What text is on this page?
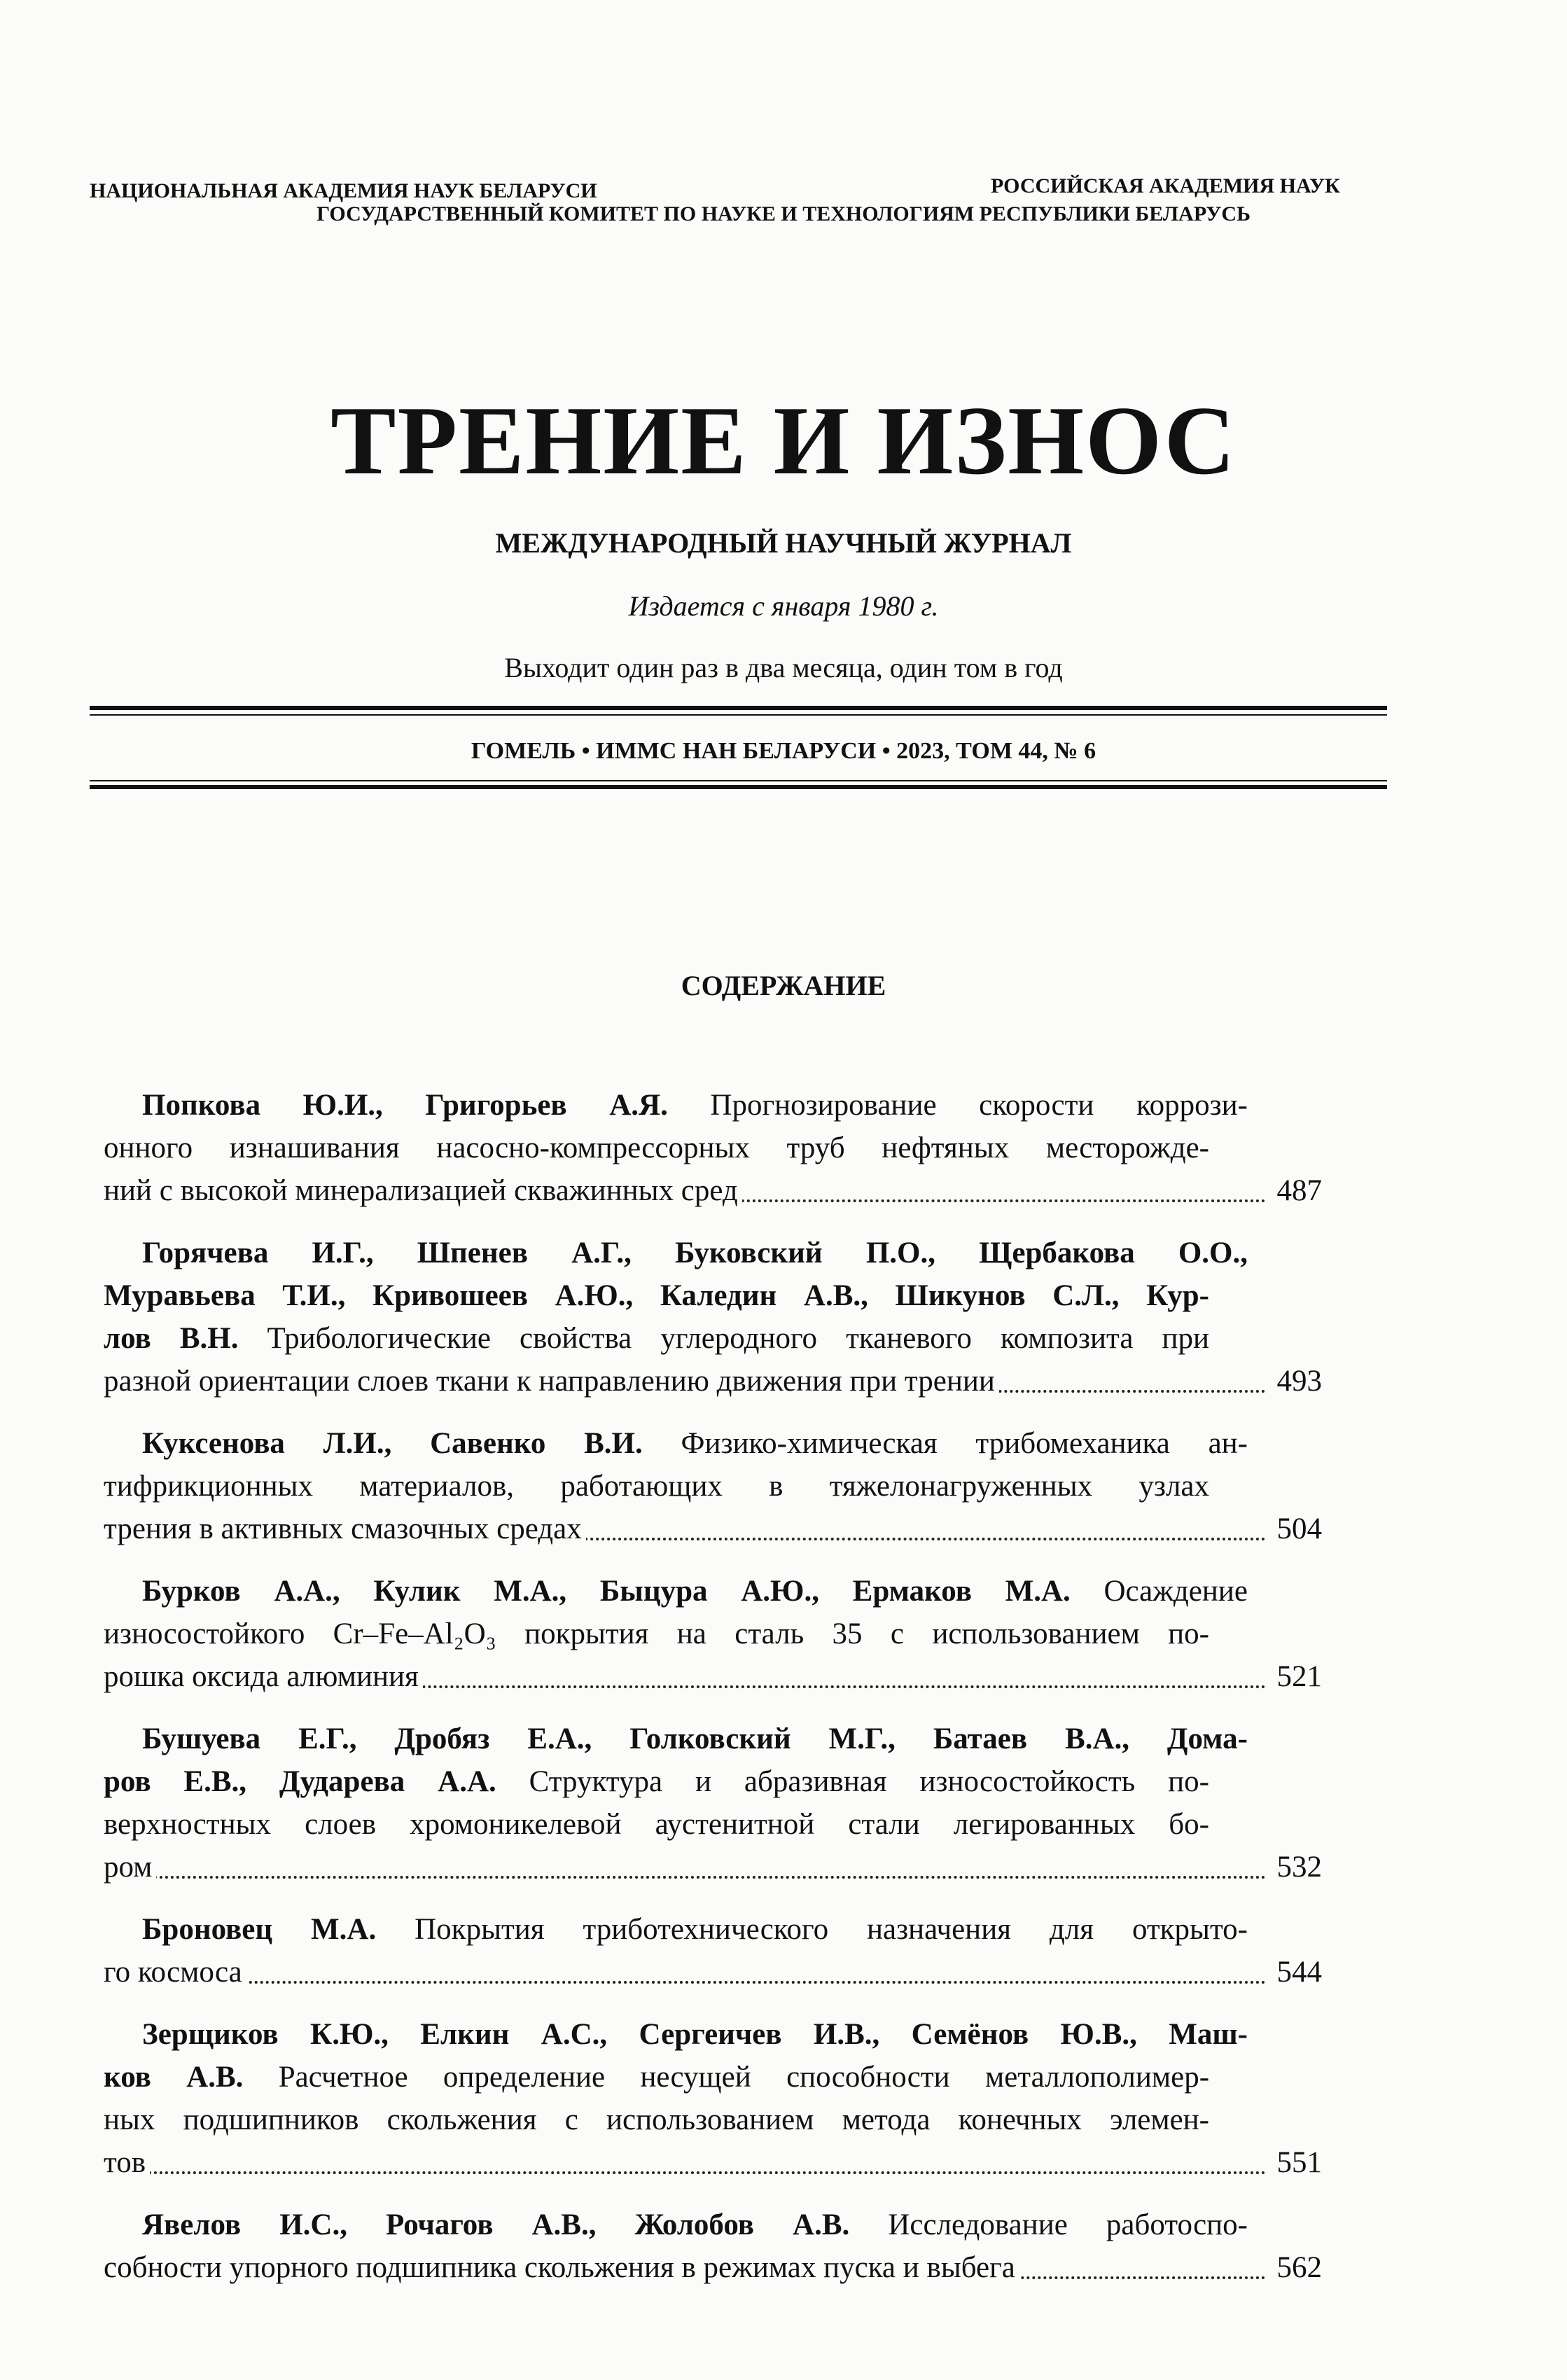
НАЦИОНАЛЬНАЯ АКАДЕМИЯ НАУК БЕЛАРУСИ	РОССИЙСКАЯ АКАДЕМИЯ НАУК
ГОСУДАРСТВЕННЫЙ КОМИТЕТ ПО НАУКЕ И ТЕХНОЛОГИЯМ РЕСПУБЛИКИ БЕЛАРУСЬ
ТРЕНИЕ И ИЗНОС
МЕЖДУНАРОДНЫЙ НАУЧНЫЙ ЖУРНАЛ
Издается с января 1980 г.
Выходит один раз в два месяца, один том в год
ГОМЕЛЬ • ИММС НАН БЕЛАРУСИ • 2023, ТОМ 44, № 6
СОДЕРЖАНИЕ
Попкова Ю.И., Григорьев А.Я. Прогнозирование скорости коррози-
онного изнашивания насосно-компрессорных труб нефтяных месторожде-
ний с высокой минерализацией скважинных сред	487
Горячева И.Г., Шпенев А.Г., Буковский П.О., Щербакова О.О.,
Муравьева Т.И., Кривошеев А.Ю., Каледин А.В., Шикунов С.Л., Кур-
лов В.Н. Трибологические свойства углеродного тканевого композита при
разной ориентации слоев ткани к направлению движения при трении	493
Куксенова Л.И., Савенко В.И. Физико-химическая трибомеханика ан-
тифрикционных материалов, работающих в тяжелонагруженных узлах
трения в активных смазочных средах	504
Бурков А.А., Кулик М.А., Быцура А.Ю., Ермаков М.А. Осаждение
износостойкого Cr–Fe–Al₂O₃ покрытия на сталь 35 с использованием по-
рошка оксида алюминия	521
Бушуева Е.Г., Дробяз Е.А., Голковский М.Г., Батаев В.А., Дома-
ров Е.В., Дударева А.А. Структура и абразивная износостойкость по-
верхностных слоев хромоникелевой аустенитной стали легированных бо-
ром	532
Броновец М.А. Покрытия триботехнического назначения для открыто-
го космоса	544
Зерщиков К.Ю., Елкин А.С., Сергеичев И.В., Семёнов Ю.В., Маш-
ков А.В. Расчетное определение несущей способности металлополимер-
ных подшипников скольжения с использованием метода конечных элемен-
тов	551
Явелов И.С., Рочагов А.В., Жолобов А.В. Исследование работоспо-
собности упорного подшипника скольжения в режимах пуска и выбега	562
